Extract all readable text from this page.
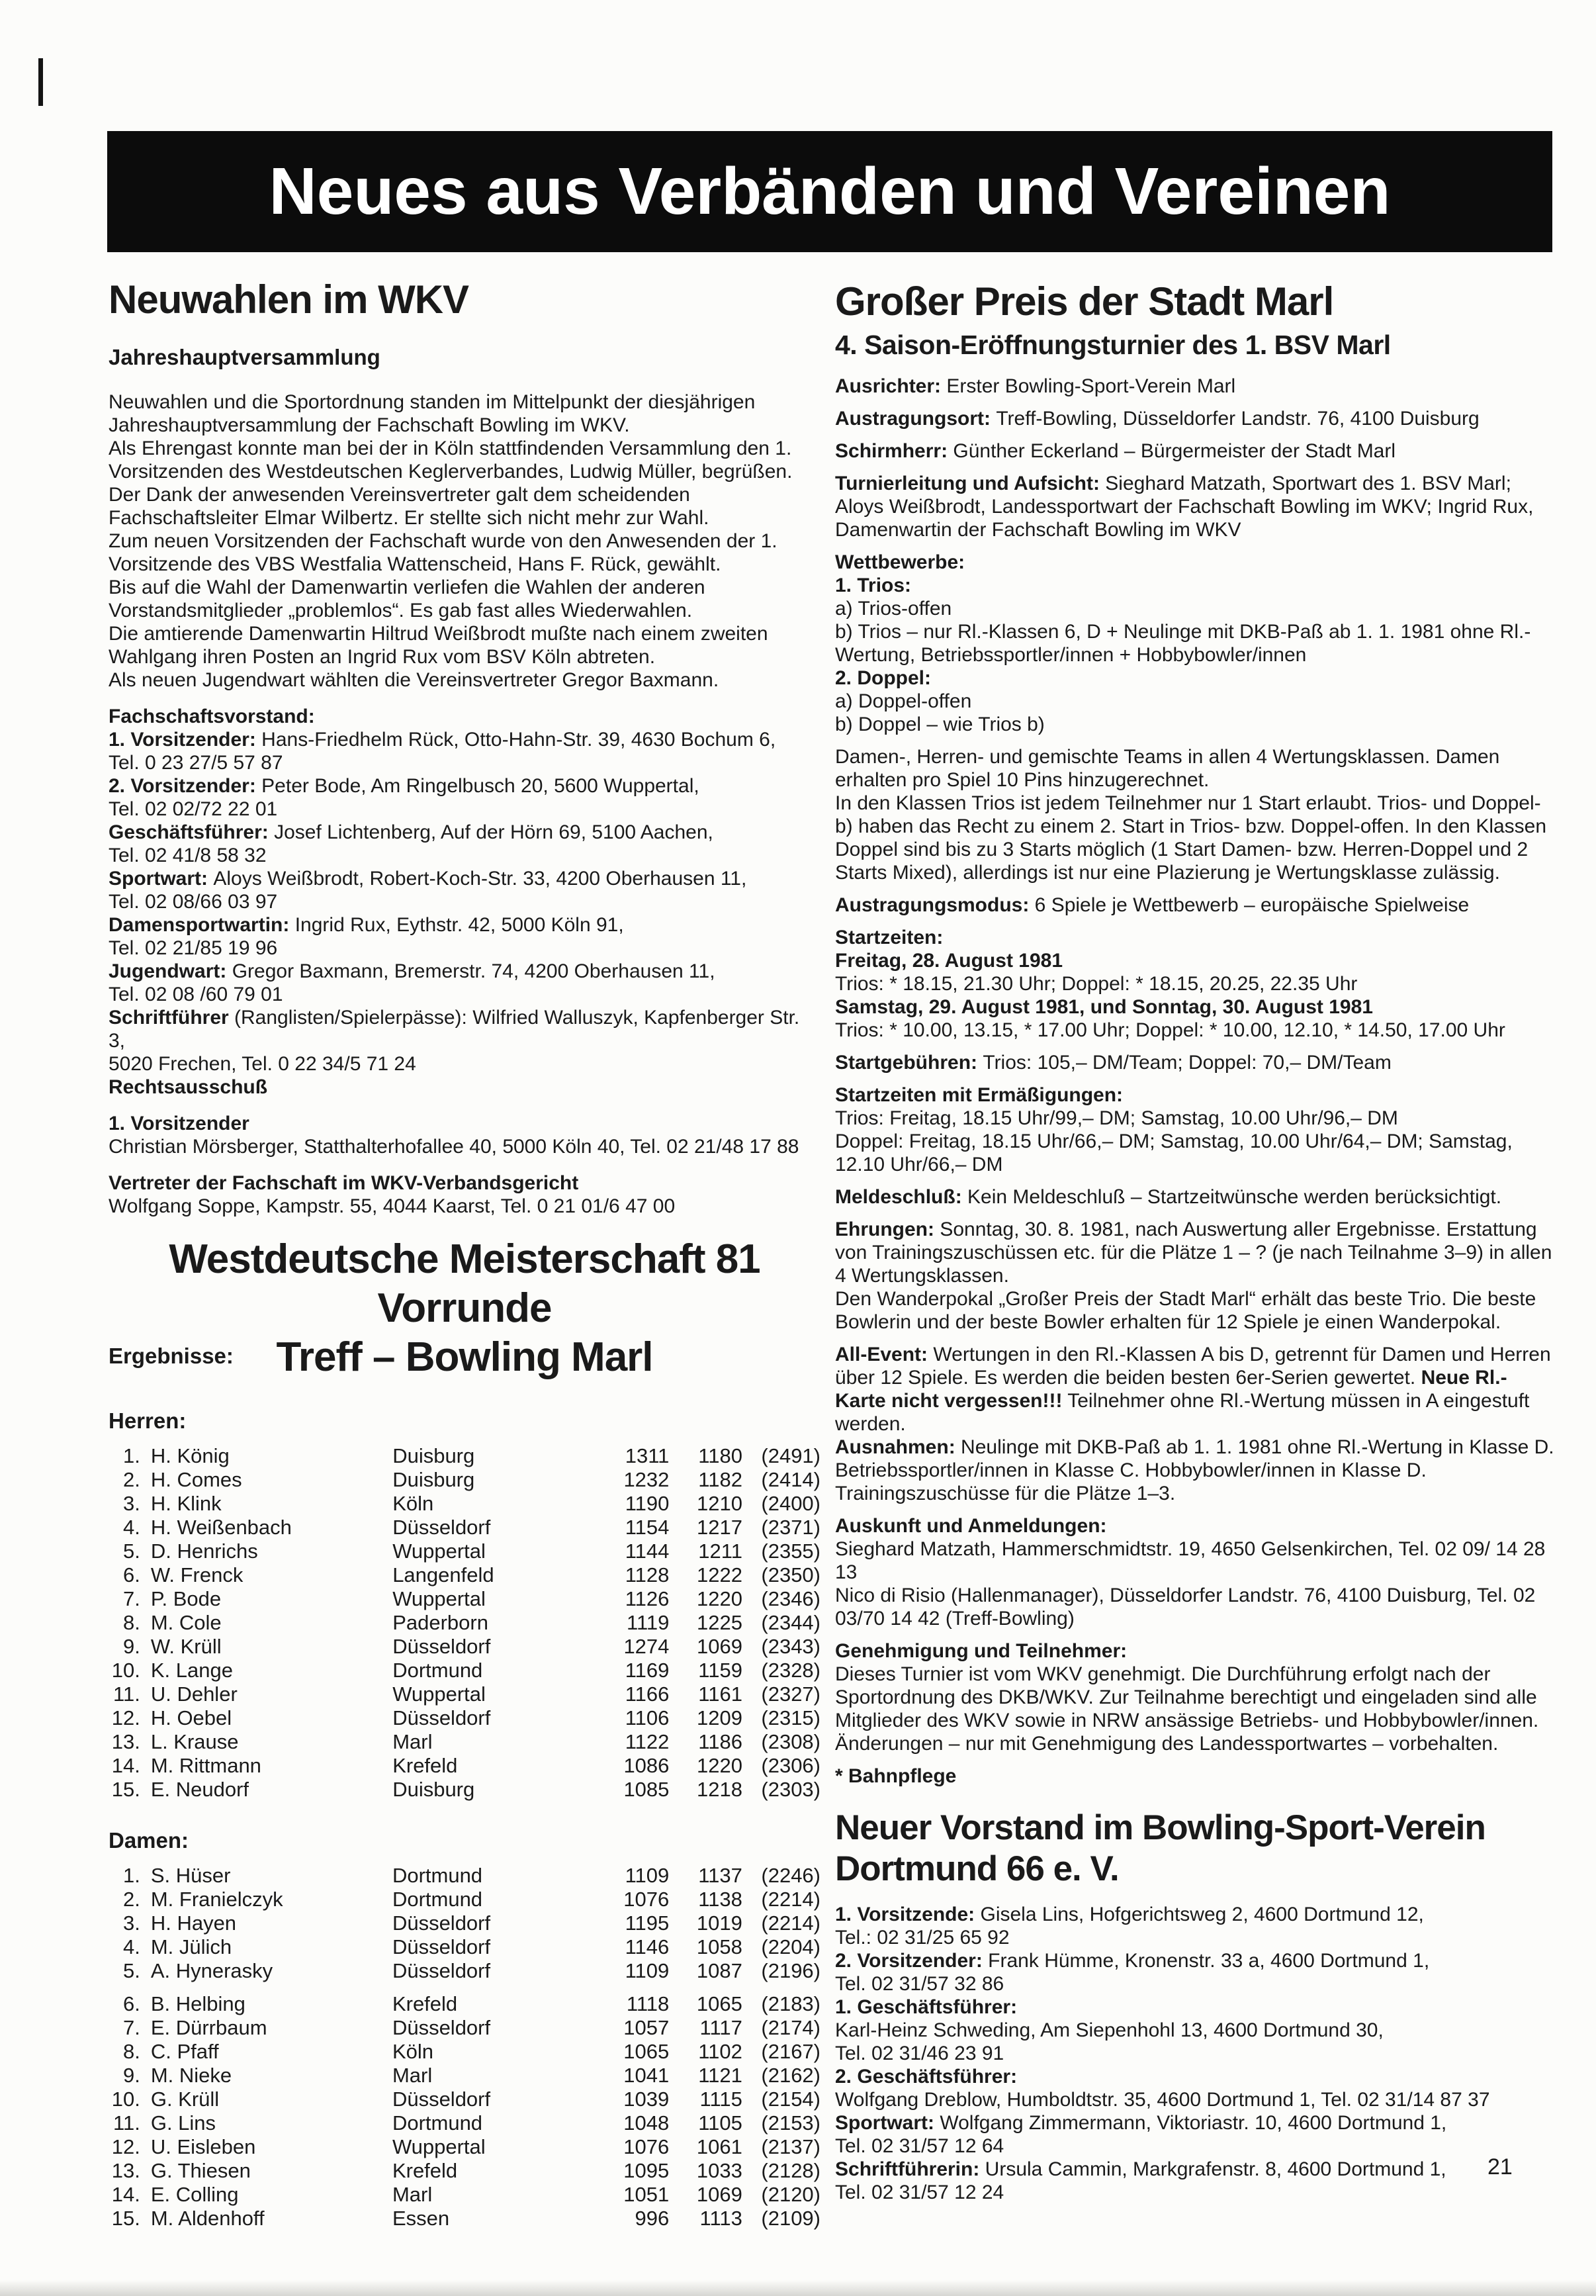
Neues aus Verbänden und Vereinen
Neuwahlen im WKV
Jahreshauptversammlung

Neuwahlen und die Sportordnung standen im Mittelpunkt der diesjährigen Jahreshauptversammlung der Fachschaft Bowling im WKV.

Als Ehrengast konnte man bei der in Köln stattfindenden Versammlung den 1. Vorsitzenden des Westdeutschen Keglerverbandes, Ludwig Müller, begrüßen.

Der Dank der anwesenden Vereinsvertreter galt dem scheidenden Fachschaftsleiter Elmar Wilbertz. Er stellte sich nicht mehr zur Wahl.

Zum neuen Vorsitzenden der Fachschaft wurde von den Anwesenden der 1. Vorsitzende des VBS Westfalia Wattenscheid, Hans F. Rück, gewählt.

Bis auf die Wahl der Damenwartin verliefen die Wahlen der anderen Vorstandsmitglieder „problemlos“. Es gab fast alles Wiederwahlen.

Die amtierende Damenwartin Hiltrud Weißbrodt mußte nach einem zweiten Wahlgang ihren Posten an Ingrid Rux vom BSV Köln abtreten.

Als neuen Jugendwart wählten die Vereinsvertreter Gregor Baxmann.

Fachschaftsvorstand:

1. Vorsitzender: Hans-Friedhelm Rück, Otto-Hahn-Str. 39, 4630 Bochum 6,

Tel. 0 23 27/5 57 87

2. Vorsitzender: Peter Bode, Am Ringelbusch 20, 5600 Wuppertal,

Tel. 02 02/72 22 01

Geschäftsführer: Josef Lichtenberg, Auf der Hörn 69, 5100 Aachen,

Tel. 02 41/8 58 32

Sportwart: Aloys Weißbrodt, Robert-Koch-Str. 33, 4200 Oberhausen 11,

Tel. 02 08/66 03 97

Damensportwartin: Ingrid Rux, Eythstr. 42, 5000 Köln 91,

Tel. 02 21/85 19 96

Jugendwart: Gregor Baxmann, Bremerstr. 74, 4200 Oberhausen 11,

Tel. 02 08 /60 79 01

Schriftführer (Ranglisten/Spielerpässe): Wilfried Walluszyk, Kapfenberger Str. 3,

5020 Frechen, Tel. 0 22 34/5 71 24

Rechtsausschuß

1. Vorsitzender

Christian Mörsberger, Statthalterhofallee 40, 5000 Köln 40, Tel. 02 21/48 17 88

Vertreter der Fachschaft im WKV-Verbandsgericht

Wolfgang Soppe, Kampstr. 55, 4044 Kaarst, Tel. 0 21 01/6 47 00

Westdeutsche Meisterschaft 81
Vorrunde
Treff – Bowling Marl
Ergebnisse:
Herren:
1.	H. König	Duisburg	1311	1180	(2491)
2.	H. Comes	Duisburg	1232	1182	(2414)
3.	H. Klink	Köln	1190	1210	(2400)
4.	H. Weißenbach	Düsseldorf	1154	1217	(2371)
5.	D. Henrichs	Wuppertal	1144	1211	(2355)
6.	W. Frenck	Langenfeld	1128	1222	(2350)
7.	P. Bode	Wuppertal	1126	1220	(2346)
8.	M. Cole	Paderborn	1119	1225	(2344)
9.	W. Krüll	Düsseldorf	1274	1069	(2343)
10.	K. Lange	Dortmund	1169	1159	(2328)
11.	U. Dehler	Wuppertal	1166	1161	(2327)
12.	H. Oebel	Düsseldorf	1106	1209	(2315)
13.	L. Krause	Marl	1122	1186	(2308)
14.	M. Rittmann	Krefeld	1086	1220	(2306)
15.	E. Neudorf	Duisburg	1085	1218	(2303)
Damen:
1.	S. Hüser	Dortmund	1109	1137	(2246)
2.	M. Franielczyk	Dortmund	1076	1138	(2214)
3.	H. Hayen	Düsseldorf	1195	1019	(2214)
4.	M. Jülich	Düsseldorf	1146	1058	(2204)
5.	A. Hynerasky	Düsseldorf	1109	1087	(2196)
6.	B. Helbing	Krefeld	1118	1065	(2183)
7.	E. Dürrbaum	Düsseldorf	1057	1117	(2174)
8.	C. Pfaff	Köln	1065	1102	(2167)
9.	M. Nieke	Marl	1041	1121	(2162)
10.	G. Krüll	Düsseldorf	1039	1115	(2154)
11.	G. Lins	Dortmund	1048	1105	(2153)
12.	U. Eisleben	Wuppertal	1076	1061	(2137)
13.	G. Thiesen	Krefeld	1095	1033	(2128)
14.	E. Colling	Marl	1051	1069	(2120)
15.	M. Aldenhoff	Essen	996	1113	(2109)
Großer Preis der Stadt Marl
4. Saison-Eröffnungsturnier des 1. BSV Marl

Ausrichter: Erster Bowling-Sport-Verein Marl

Austragungsort: Treff-Bowling, Düsseldorfer Landstr. 76, 4100 Duisburg

Schirmherr: Günther Eckerland – Bürgermeister der Stadt Marl

Turnierleitung und Aufsicht: Sieghard Matzath, Sportwart des 1. BSV Marl; Aloys Weißbrodt, Landessportwart der Fachschaft Bowling im WKV; Ingrid Rux, Damenwartin der Fachschaft Bowling im WKV

Wettbewerbe:

1. Trios:

a) Trios-offen

b) Trios – nur Rl.-Klassen 6, D + Neulinge mit DKB-Paß ab 1. 1. 1981 ohne Rl.-Wertung, Betriebssportler/innen + Hobbybowler/innen

2. Doppel:

a) Doppel-offen

b) Doppel – wie Trios b)

Damen-, Herren- und gemischte Teams in allen 4 Wertungsklassen. Damen erhalten pro Spiel 10 Pins hinzugerechnet.

In den Klassen Trios ist jedem Teilnehmer nur 1 Start erlaubt. Trios- und Doppel-b) haben das Recht zu einem 2. Start in Trios- bzw. Doppel-offen. In den Klassen Doppel sind bis zu 3 Starts möglich (1 Start Damen- bzw. Herren-Doppel und 2 Starts Mixed), allerdings ist nur eine Plazierung je Wertungsklasse zulässig.

Austragungsmodus: 6 Spiele je Wettbewerb – europäische Spielweise

Startzeiten:

Freitag, 28. August 1981

Trios: * 18.15, 21.30 Uhr; Doppel: * 18.15, 20.25, 22.35 Uhr

Samstag, 29. August 1981, und Sonntag, 30. August 1981

Trios: * 10.00, 13.15, * 17.00 Uhr; Doppel: * 10.00, 12.10, * 14.50, 17.00 Uhr

Startgebühren: Trios: 105,– DM/Team; Doppel: 70,– DM/Team

Startzeiten mit Ermäßigungen:

Trios: Freitag, 18.15 Uhr/99,– DM; Samstag, 10.00 Uhr/96,– DM

Doppel: Freitag, 18.15 Uhr/66,– DM; Samstag, 10.00 Uhr/64,– DM; Samstag, 12.10 Uhr/66,– DM

Meldeschluß: Kein Meldeschluß – Startzeitwünsche werden berücksichtigt.

Ehrungen: Sonntag, 30. 8. 1981, nach Auswertung aller Ergebnisse. Erstattung von Trainingszuschüssen etc. für die Plätze 1 – ? (je nach Teilnahme 3–9) in allen 4 Wertungsklassen.

Den Wanderpokal „Großer Preis der Stadt Marl“ erhält das beste Trio. Die beste Bowlerin und der beste Bowler erhalten für 12 Spiele je einen Wanderpokal.

All-Event: Wertungen in den Rl.-Klassen A bis D, getrennt für Damen und Herren über 12 Spiele. Es werden die beiden besten 6er-Serien gewertet. Neue Rl.-Karte nicht vergessen!!! Teilnehmer ohne Rl.-Wertung müssen in A eingestuft werden.

Ausnahmen: Neulinge mit DKB-Paß ab 1. 1. 1981 ohne Rl.-Wertung in Klasse D. Betriebssportler/innen in Klasse C. Hobbybowler/innen in Klasse D.

Trainingszuschüsse für die Plätze 1–3.

Auskunft und Anmeldungen:

Sieghard Matzath, Hammerschmidtstr. 19, 4650 Gelsenkirchen, Tel. 02 09/ 14 28 13

Nico di Risio (Hallenmanager), Düsseldorfer Landstr. 76, 4100 Duisburg, Tel. 02 03/70 14 42 (Treff-Bowling)

Genehmigung und Teilnehmer:

Dieses Turnier ist vom WKV genehmigt. Die Durchführung erfolgt nach der Sportordnung des DKB/WKV. Zur Teilnahme berechtigt und eingeladen sind alle Mitglieder des WKV sowie in NRW ansässige Betriebs- und Hobbybowler/innen. Änderungen – nur mit Genehmigung des Landessportwartes – vorbehalten.

* Bahnpflege

Neuer Vorstand im Bowling-Sport-Verein Dortmund 66 e. V.

1. Vorsitzende: Gisela Lins, Hofgerichtsweg 2, 4600 Dortmund 12,

Tel.: 02 31/25 65 92

2. Vorsitzender: Frank Hümme, Kronenstr. 33 a, 4600 Dortmund 1,

Tel. 02 31/57 32 86

1. Geschäftsführer:

Karl-Heinz Schweding, Am Siepenhohl 13, 4600 Dortmund 30,

Tel. 02 31/46 23 91

2. Geschäftsführer:

Wolfgang Dreblow, Humboldtstr. 35, 4600 Dortmund 1, Tel. 02 31/14 87 37

Sportwart: Wolfgang Zimmermann, Viktoriastr. 10, 4600 Dortmund 1,

Tel. 02 31/57 12 64

Schriftführerin: Ursula Cammin, Markgrafenstr. 8, 4600 Dortmund 1,

Tel. 02 31/57 12 24

21
